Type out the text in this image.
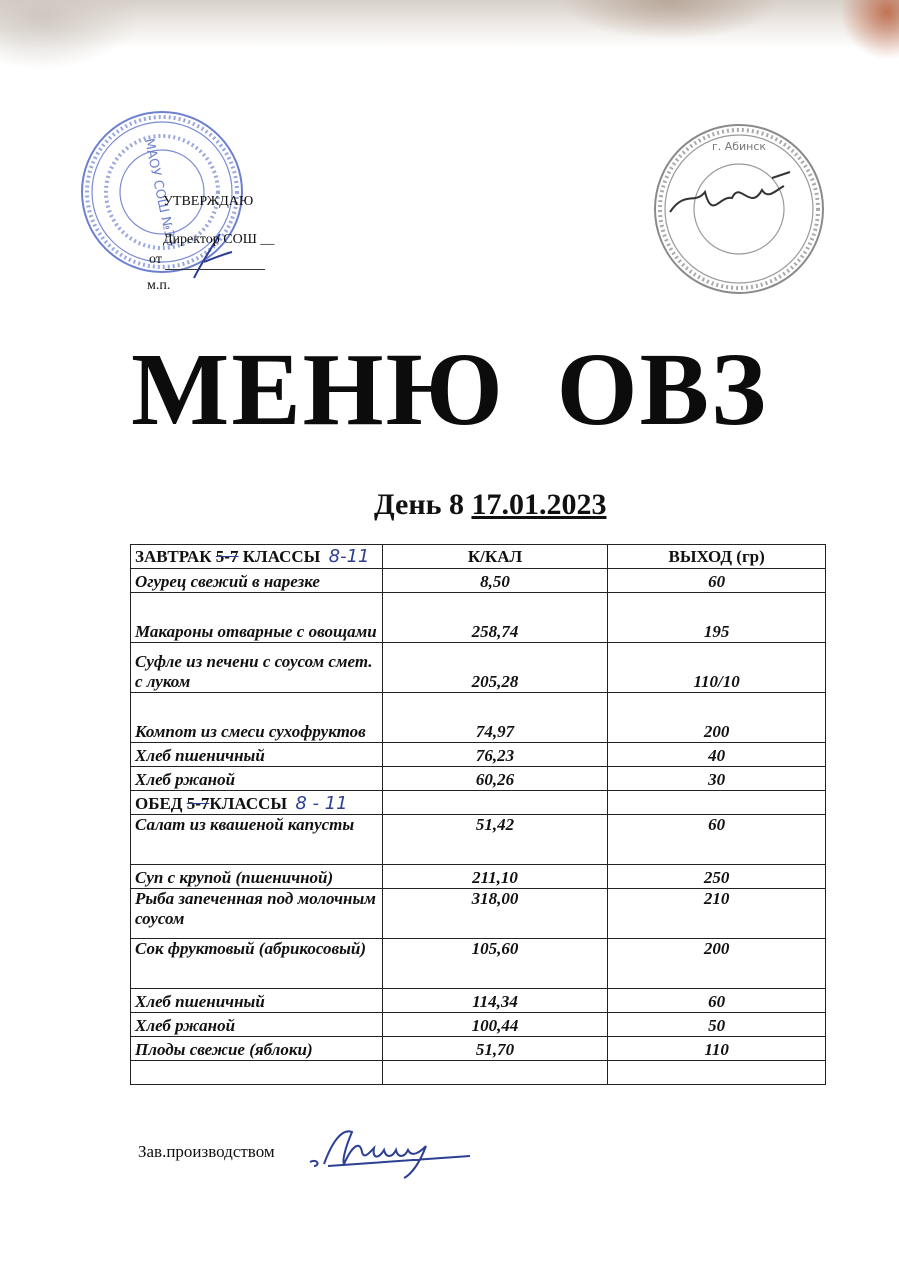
МАОУ СОШ №33
УТВЕРЖДАЮ
Директор СОШ __
от
м.п.
г. Абинск
МЕНЮ ОВЗ
День 8 17.01.2023
ЗАВТРАК 5-7 КЛАССЫ 8-11	К/КАЛ	ВЫХОД (гр)
Огурец свежий в нарезке	8,50	60
Макароны отварные с овощами	258,74	195
Суфле из печени с соусом смет. с луком	205,28	110/10
Компот из смеси сухофруктов	74,97	200
Хлеб пшеничный	76,23	40
Хлеб ржаной	60,26	30
ОБЕД 5-7КЛАССЫ 8 - 11		
Салат из квашеной капусты	51,42	60
Суп с крупой (пшеничной)	211,10	250
Рыба запеченная под молочным соусом	318,00	210
Сок фруктовый (абрикосовый)	105,60	200
Хлеб пшеничный	114,34	60
Хлеб ржаной	100,44	50
Плоды свежие (яблоки)	51,70	110

Зав.производством
